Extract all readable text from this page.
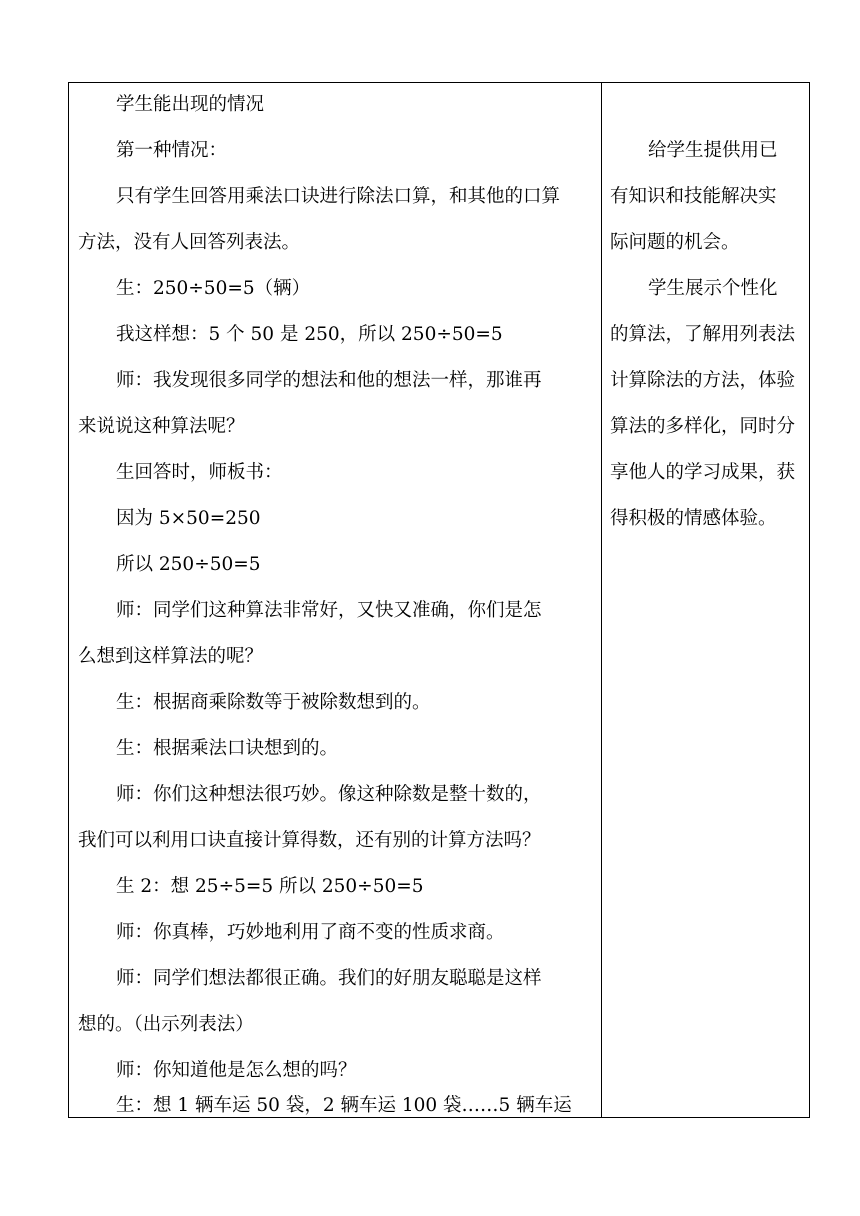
学生能出现的情况
第一种情况：
只有学生回答用乘法口诀进行除法口算，和其他的口算
方法，没有人回答列表法。
生：250÷50=5（辆）
我这样想：5 个 50 是 250，所以 250÷50=5
师：我发现很多同学的想法和他的想法一样，那谁再
来说说这种算法呢？
生回答时，师板书：
因为 5×50=250
所以 250÷50=5
师：同学们这种算法非常好，又快又准确，你们是怎
么想到这样算法的呢？
生：根据商乘除数等于被除数想到的。
生：根据乘法口诀想到的。
师：你们这种想法很巧妙。像这种除数是整十数的，
我们可以利用口诀直接计算得数，还有别的计算方法吗？
生 2：想 25÷5=5 所以 250÷50=5
师：你真棒，巧妙地利用了商不变的性质求商。
师：同学们想法都很正确。我们的好朋友聪聪是这样
想的。（出示列表法）
师：你知道他是怎么想的吗？
生：想 1 辆车运 50 袋，2 辆车运 100 袋……5 辆车运
给学生提供用已
有知识和技能解决实
际问题的机会。
学生展示个性化
的算法，了解用列表法
计算除法的方法，体验
算法的多样化，同时分
享他人的学习成果，获
得积极的情感体验。
